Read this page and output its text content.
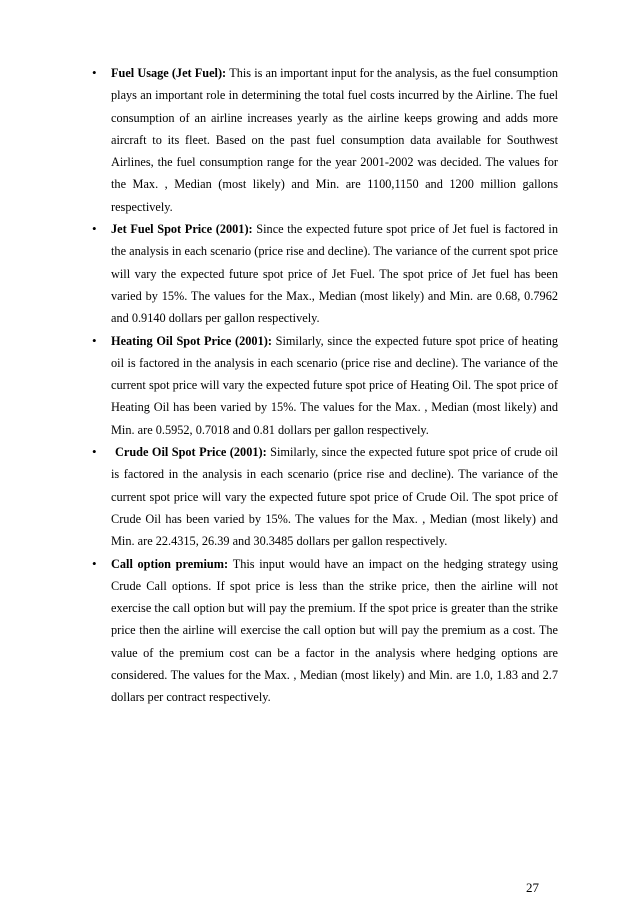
• Fuel Usage (Jet Fuel): This is an important input for the analysis, as the fuel consumption plays an important role in determining the total fuel costs incurred by the Airline. The fuel consumption of an airline increases yearly as the airline keeps growing and adds more aircraft to its fleet. Based on the past fuel consumption data available for Southwest Airlines, the fuel consumption range for the year 2001-2002 was decided. The values for the Max. , Median (most likely) and Min. are 1100,1150 and 1200 million gallons respectively.
• Jet Fuel Spot Price (2001): Since the expected future spot price of Jet fuel is factored in the analysis in each scenario (price rise and decline). The variance of the current spot price will vary the expected future spot price of Jet Fuel. The spot price of Jet fuel has been varied by 15%. The values for the Max., Median (most likely) and Min. are 0.68, 0.7962 and 0.9140 dollars per gallon respectively.
• Heating Oil Spot Price (2001): Similarly, since the expected future spot price of heating oil is factored in the analysis in each scenario (price rise and decline). The variance of the current spot price will vary the expected future spot price of Heating Oil. The spot price of Heating Oil has been varied by 15%. The values for the Max. , Median (most likely) and Min. are 0.5952, 0.7018 and 0.81 dollars per gallon respectively.
• Crude Oil Spot Price (2001): Similarly, since the expected future spot price of crude oil is factored in the analysis in each scenario (price rise and decline). The variance of the current spot price will vary the expected future spot price of Crude Oil. The spot price of Crude Oil has been varied by 15%. The values for the Max. , Median (most likely) and Min. are 22.4315, 26.39 and 30.3485 dollars per gallon respectively.
• Call option premium: This input would have an impact on the hedging strategy using Crude Call options. If spot price is less than the strike price, then the airline will not exercise the call option but will pay the premium. If the spot price is greater than the strike price then the airline will exercise the call option but will pay the premium as a cost. The value of the premium cost can be a factor in the analysis where hedging options are considered. The values for the Max. , Median (most likely) and Min. are 1.0, 1.83 and 2.7 dollars per contract respectively.
27
